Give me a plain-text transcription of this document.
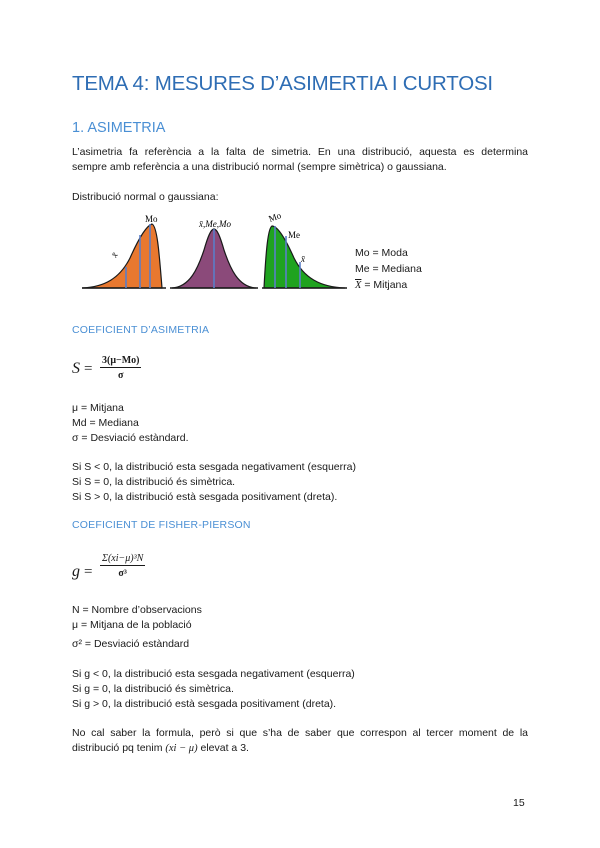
TEMA 4: MESURES D’ASIMERTIA I CURTOSI
1. ASIMETRIA
L’asimetria fa referència a la falta de simetria. En una distribució, aquesta es determina
sempre amb referència a una distribució normal (sempre simètrica) o gaussiana.
Distribució normal o gaussiana:
Mo
x̄
x̄,Me,Mo
Mo
Me
x̄	Mo = Moda
Me = Mediana
$\overline{X}$ = Mitjana
COEFICIENT D’ASIMETRIA
$S = \frac{3(\mu-Mo)}{\sigma}$
μ = Mitjana
Md = Mediana
σ = Desviació estàndard.
Si S < 0, la distribució esta sesgada negativament (esquerra)
Si S = 0, la distribució és simètrica.
Si S > 0, la distribució està sesgada positivament (dreta).
COEFICIENT DE FISHER-PIERSON
$g = \frac{\text{Σ(xi−μ)³N}}{\text{σ³}}$
N = Nombre d’observacions
μ = Mitjana de la població
σ² = Desviació estàndard
Si g < 0, la distribució esta sesgada negativament (esquerra)
Si g = 0, la distribució és simètrica.
Si g > 0, la distribució està sesgada positivament (dreta).
No cal saber la formula, però si que s’ha de saber que correspon al tercer moment de la
distribució pq tenim (xi − μ) elevat a 3.
15
